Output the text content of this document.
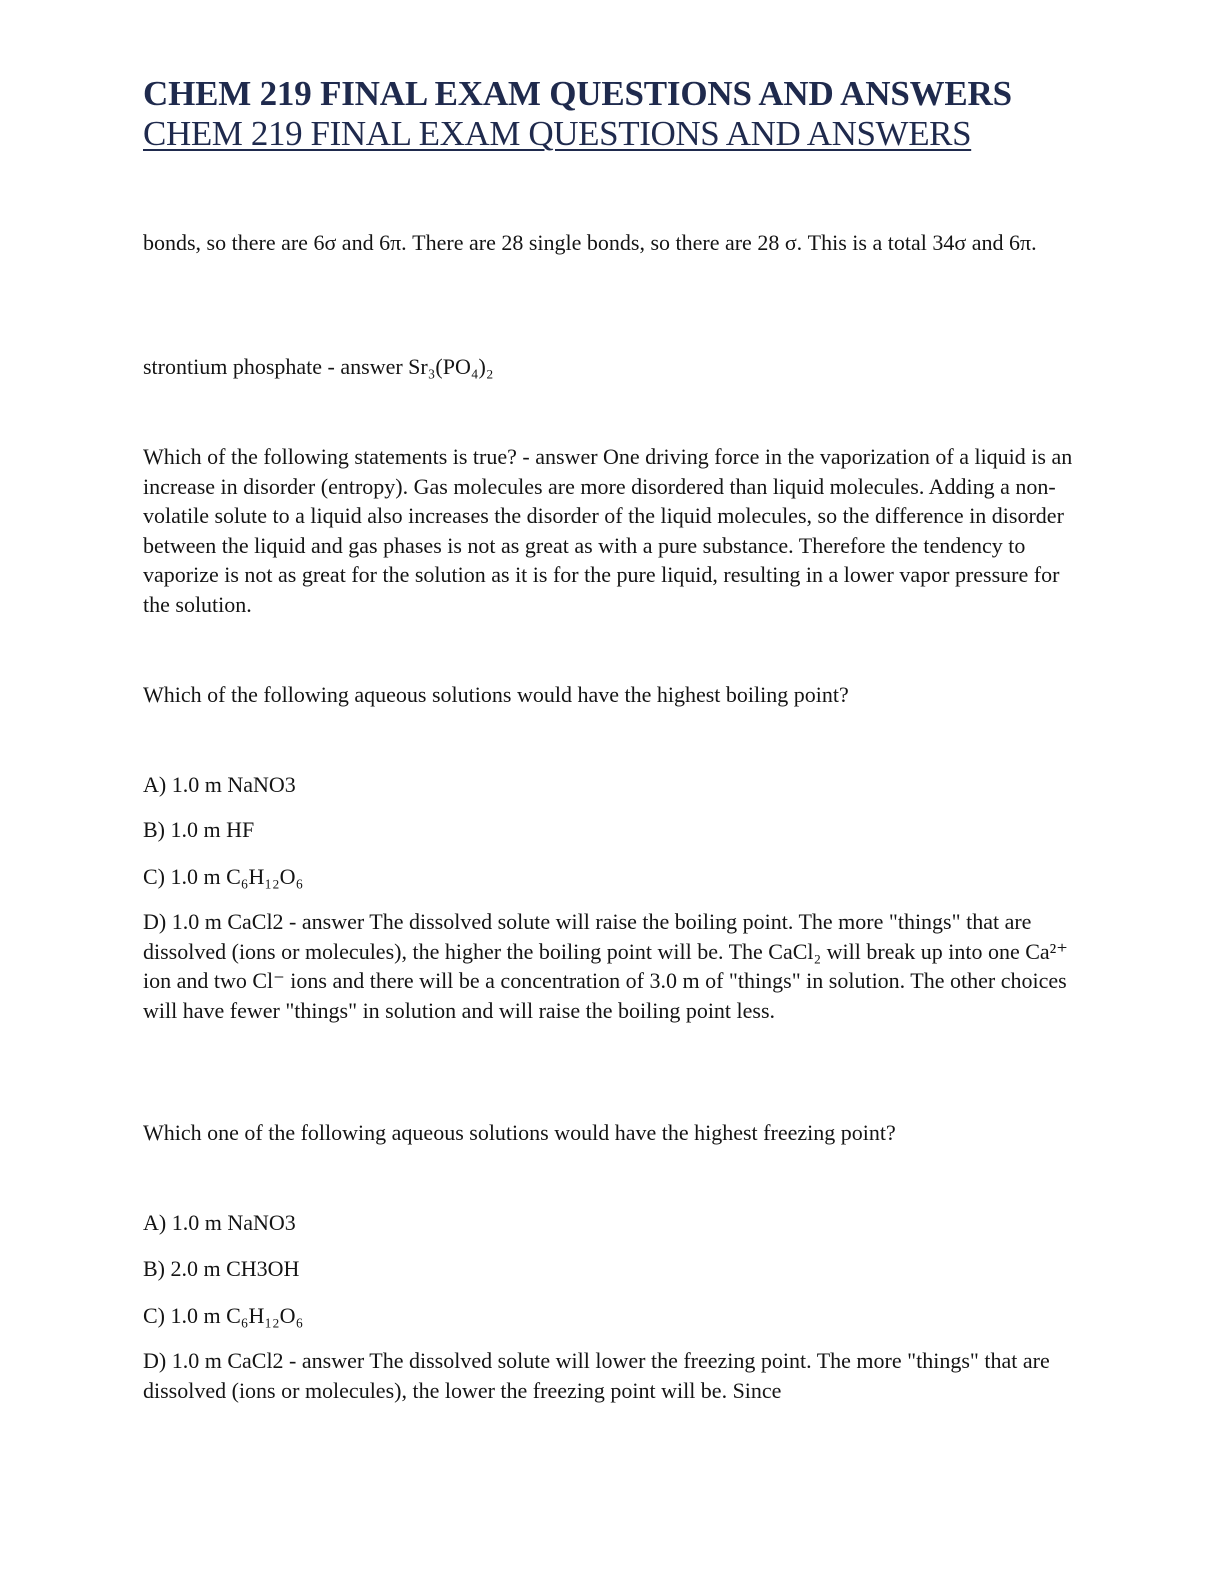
CHEM 219 FINAL EXAM QUESTIONS AND ANSWERS
CHEM 219 FINAL EXAM QUESTIONS AND ANSWERS
bonds, so there are 6σ and 6π. There are 28 single bonds, so there are 28 σ. This is a total 34σ and 6π.
strontium phosphate - answer Sr₃(PO₄)₂
Which of the following statements is true? - answer One driving force in the vaporization of a liquid is an increase in disorder (entropy). Gas molecules are more disordered than liquid molecules. Adding a non-volatile solute to a liquid also increases the disorder of the liquid molecules, so the difference in disorder between the liquid and gas phases is not as great as with a pure substance. Therefore the tendency to vaporize is not as great for the solution as it is for the pure liquid, resulting in a lower vapor pressure for the solution.
Which of the following aqueous solutions would have the highest boiling point?
A) 1.0 m NaNO3
B) 1.0 m HF
C) 1.0 m C₆H₁₂O₆
D) 1.0 m CaCl2 - answer The dissolved solute will raise the boiling point. The more "things" that are dissolved (ions or molecules), the higher the boiling point will be. The CaCl₂ will break up into one Ca²⁺ ion and two Cl⁻ ions and there will be a concentration of 3.0 m of "things" in solution. The other choices will have fewer "things" in solution and will raise the boiling point less.
Which one of the following aqueous solutions would have the highest freezing point?
A) 1.0 m NaNO3
B) 2.0 m CH3OH
C) 1.0 m C₆H₁₂O₆
D) 1.0 m CaCl2 - answer The dissolved solute will lower the freezing point. The more "things" that are dissolved (ions or molecules), the lower the freezing point will be. Since
